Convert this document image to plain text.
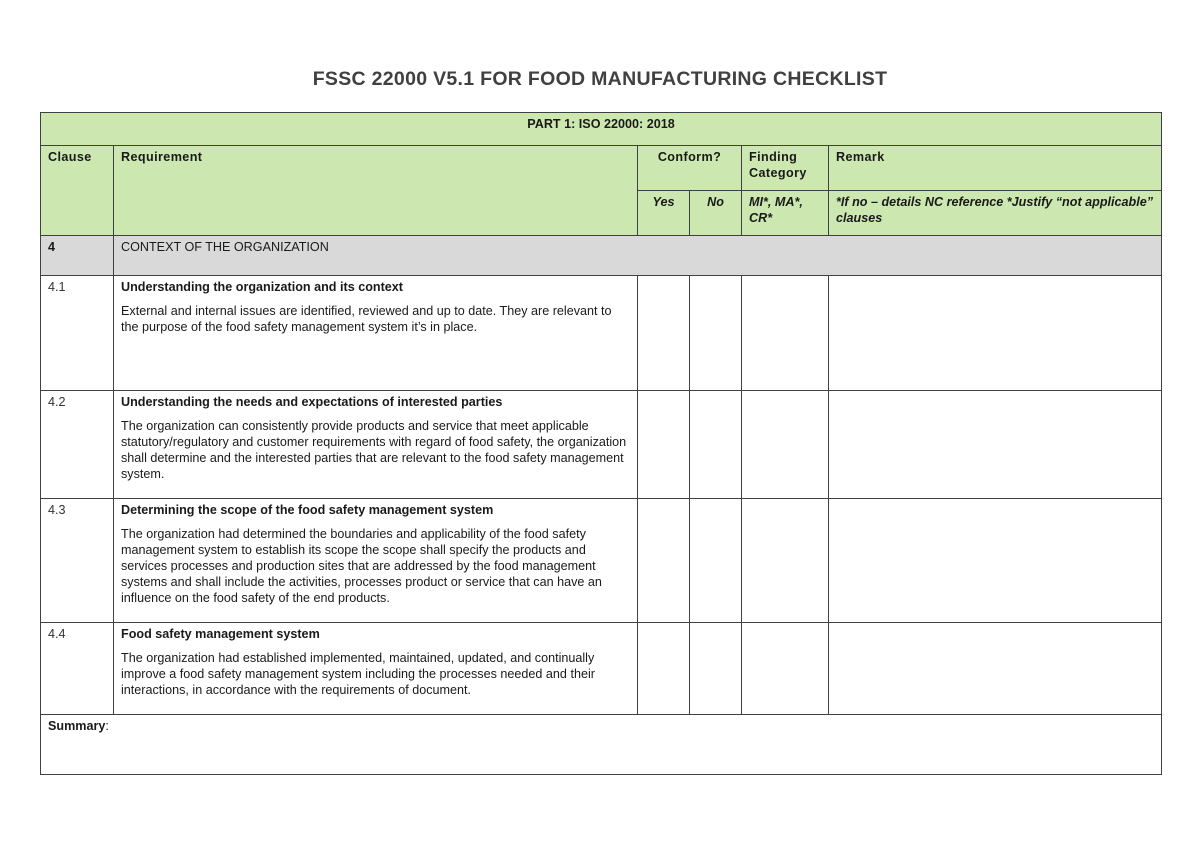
FSSC 22000 V5.1 FOR FOOD MANUFACTURING CHECKLIST
PART 1: ISO 22000: 2018					
Clause	Requirement	Conform?		Finding Category	Remark
		Yes	No	MI*, MA*, CR*	*If no – details NC reference *Justify “not applicable” clauses
4	CONTEXT OF THE ORGANIZATION				
4.1	Understanding the organization and its context
External and internal issues are identified, reviewed and up to date. They are relevant to the purpose of the food safety management system it’s in place.				

4.2	Understanding the needs and expectations of interested parties
The organization can consistently provide products and service that meet applicable statutory/regulatory and customer requirements with regard of food safety, the organization shall determine and the interested parties that are relevant to the food safety management system.				

4.3	Determining the scope of the food safety management system
The organization had determined the boundaries and applicability of the food safety management system to establish its scope the scope shall specify the products and services processes and production sites that are addressed by the food management systems and shall include the activities, processes product or service that can have an influence on the food safety of the end products.				

4.4	Food safety management system
The organization had established implemented, maintained, updated, and continually improve a food safety management system including the processes needed and their interactions, in accordance with the requirements of document.				

Summary:					
